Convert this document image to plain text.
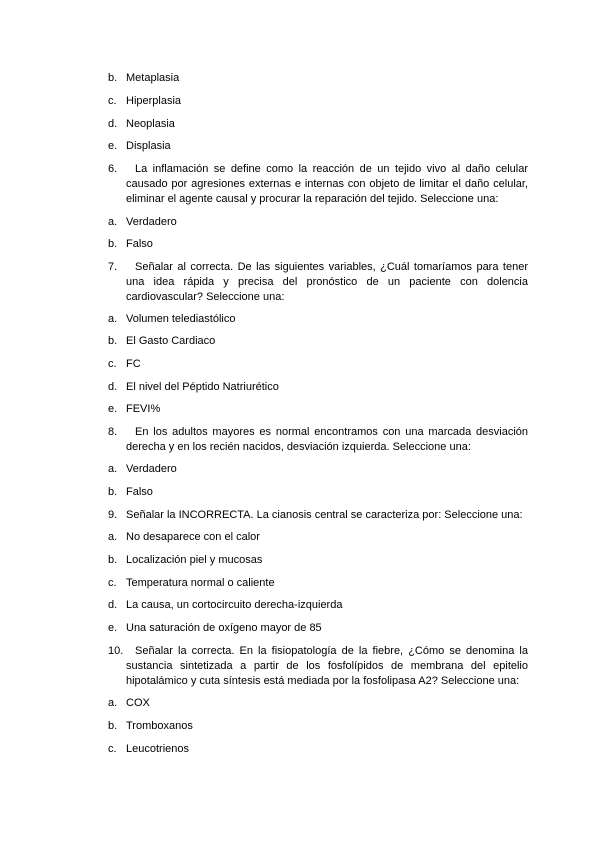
b. Metaplasia
c. Hiperplasia
d. Neoplasia
e. Displasia
6.	La inflamación se define como la reacción de un tejido vivo al daño celular causado por agresiones externas e internas con objeto de limitar el daño celular, eliminar el agente causal y procurar la reparación del tejido. Seleccione una:
a. Verdadero
b. Falso
7.	Señalar al correcta. De las siguientes variables, ¿Cuál tomaríamos para tener una idea rápida y precisa del pronóstico de un paciente con dolencia cardiovascular? Seleccione una:
a. Volumen telediastólico
b. El Gasto Cardiaco
c. FC
d. El nivel del Péptido Natriurético
e. FEVI%
8.	En los adultos mayores es normal encontramos con una marcada desviación derecha y en los recién nacidos, desviación izquierda. Seleccione una:
a. Verdadero
b. Falso
9. Señalar la INCORRECTA. La cianosis central se caracteriza por: Seleccione una:
a. No desaparece con el calor
b. Localización piel y mucosas
c. Temperatura normal o caliente
d. La causa, un cortocircuito derecha-izquierda
e. Una saturación de oxígeno mayor de 85
10.	Señalar la correcta. En la fisiopatología de la fiebre, ¿Cómo se denomina la sustancia sintetizada a partir de los fosfolípidos de membrana del epitelio hipotalámico y cuta síntesis está mediada por la fosfolipasa A2? Seleccione una:
a. COX
b. Tromboxanos
c. Leucotrienos
